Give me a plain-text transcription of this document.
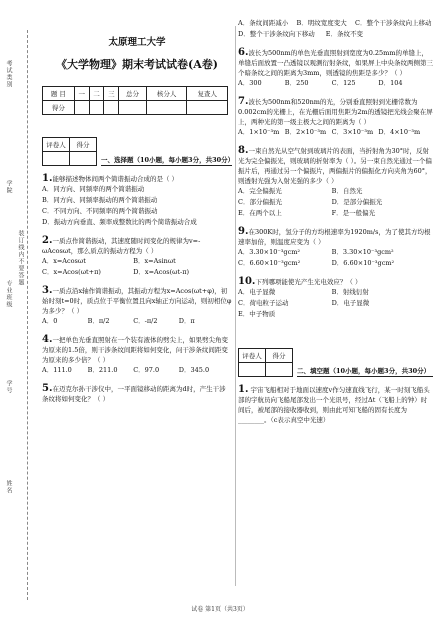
考试类别
学院
专业班级
学号
姓名
装订线内不要答题
太原理工大学
《大学物理》期末考试试卷(A卷)
题 目	一	二	三	总分	核分人	复查人
得分						
评卷人	得分

一、选择题（10小题，每小题3分，共30分）
1.能够描述物体间两个简谐振动合成的是（ ）
A．同方向、同频率的两个简谐振动
B．同方向、同频率振动的两个简谐振动
C．不同方向、不同频率的两个简谐振动
D．振动方向垂直、频率成整数比的两个简谐振动合成
2.一质点作简谐振动，其速度随时间变化的规律为v=-ωAcosωt，那么质点的振动方程为（ ）
A．x=Acosωt	B．x=Asinωt
C．x=Acos(ωt+π)	D．x=Acos(ωt-π)
3.一质点沿x轴作简谐振动，其振动方程为x=Acos(ωt+φ)，初始时刻t=0时，质点位于平衡位置且向x轴正方向运动，则初相位φ为多少？（ ）
A．0	B．π/2	C．-π/2	D．π
4.一把单色光垂直照射在一个装有液体的劈尖上，如果劈尖角变为原来的1.5倍，则干涉条纹间距将如何变化，问干涉条纹间距变为原来的多少倍？（ ）
A．111.0	B．211.0	C．97.0	D．345.0
5.在迈克尔孙干涉仪中，一平面镜移动的距离为d时，产生干涉条纹将如何变化？（ ）
A．条纹间距减小	B．明纹宽度变大	C．整个干涉条纹向上移动
D．整个干涉条纹向下移动	E．条纹不变
6.波长为500nm的单色光垂直照射到宽度为0.25mm的单缝上，单缝后面放置一凸透镜以观测衍射条纹，如果屏上中央条纹两侧第三个暗条纹之间的距离为3mm，则透镜的焦距是多少？（ ）
A．300	B．250	C．125	D．104
7.波长为500nm和520nm的光，分别垂直照射到光栅常数为0.002cm的光栅上，在光栅后面用焦距为2m的透镜把光线会聚在屏上，两种光的第一级主极大之间的距离为（ ）
A．1×10⁻³m B．2×10⁻³m C．3×10⁻³m D．4×10⁻³m
8.一束自然光从空气射到玻璃片的表面，当折射角为30°时，反射光为完全偏振光，则玻璃的折射率为（ ）。另一束自然光通过一个偏振片后，再通过另一个偏振片，两偏振片的偏振化方向夹角为60°，则透射光强为入射光强的多少（ ）
A．完全偏振光	B．自然光
C．部分偏振光	D．是部分偏振光
E．在两个以上	F．是一般偏光
9.在300K时，氢分子的方均根速率为1920m/s，为了使其方均根速率加倍，则温度应变为（ ）
A．3.30×10⁻³gcm²	B．3.30×10⁻³gcm²
C．6.60×10⁻³gcm²	D．6.60×10⁻³gcm²
10.下列哪项能使光产生光电效应？（ ）
A．电子显微	B．射线衍射
C．荷电粒子运动	D．电子显微
E．中子物质
评卷人	得分

二、填空题（10小题，每小题3分，共30分）
1. 宇宙飞船相对于地面以速度v作匀速直线飞行，某一时刻飞船头部的宇航员向飞船尾部发出一个光讯号，经过Δt（飞船上的钟）时间后，被尾部的接收器收到，则由此可知飞船的固有长度为________。（c表示真空中光速）
试卷 第1页（共3页）
